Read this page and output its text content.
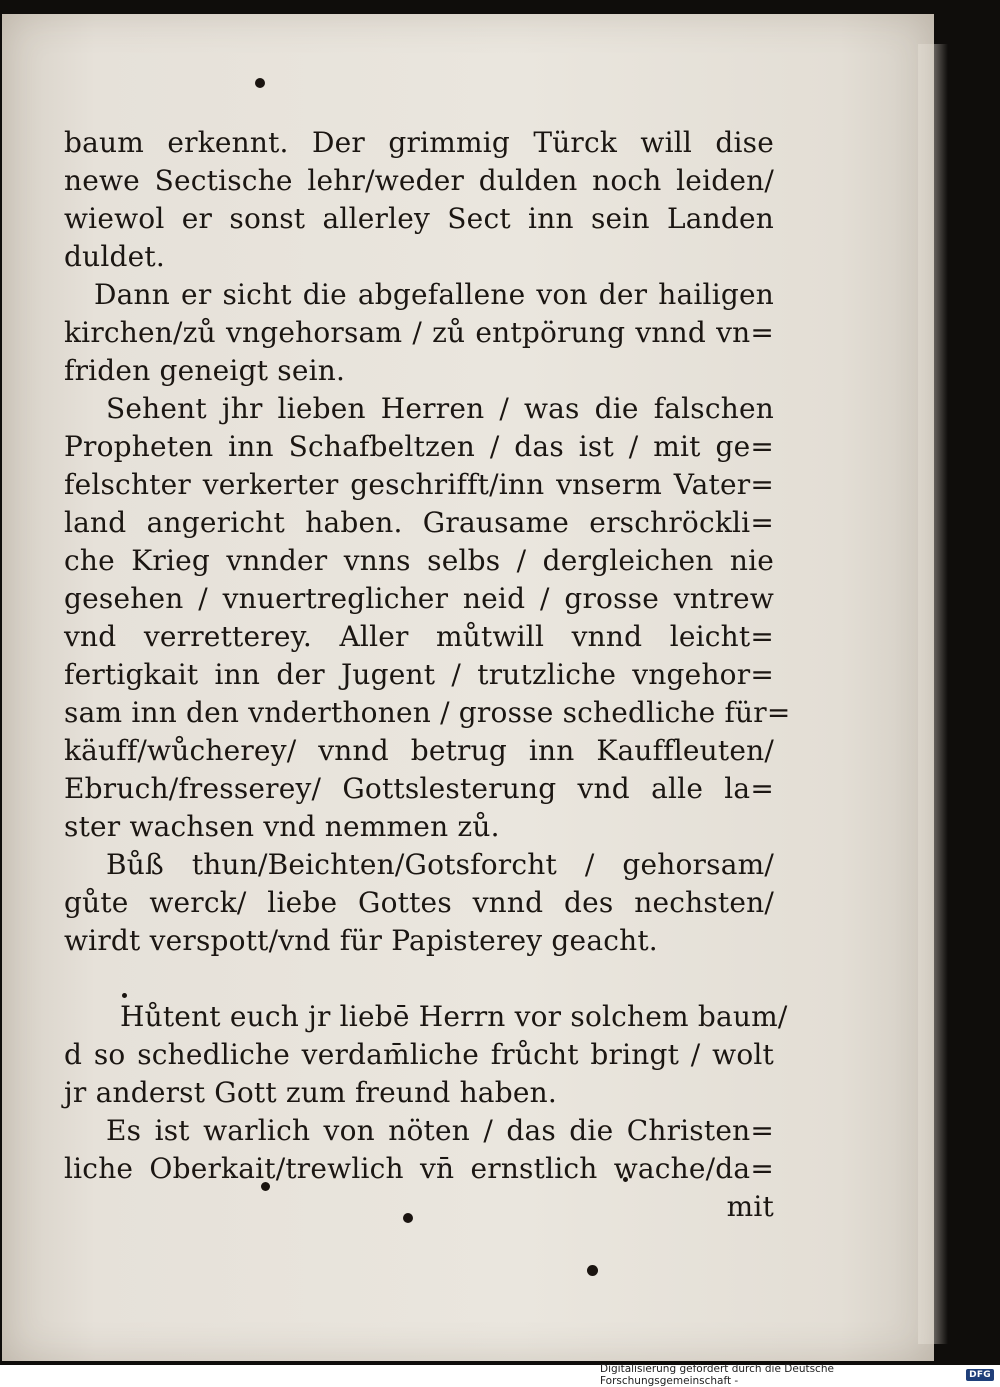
baum erkennt. Der grimmig Türck will dise
newe Sectische lehr/weder dulden noch leiden/
wiewol er sonst allerley Sect inn sein Landen
duldet.
Dann er sicht die abgefallene von der hailigen
kirchen/zů vngehorsam / zů entpörung vnnd vn=
friden geneigt sein.
Sehent jhr lieben Herren / was die falschen
Propheten inn Schafbeltzen / das ist / mit ge=
felschter verkerter geschrifft/inn vnserm Vater=
land angericht haben. Grausame erschröckli=
che Krieg vnnder vnns selbs / dergleichen nie
gesehen / vnuertreglicher neid / grosse vntrew
vnd verretterey. Aller můtwill vnnd leicht=
fertigkait inn der Jugent / trutzliche vngehor=
sam inn den vnderthonen / grosse schedliche für=
käuff/wůcherey/ vnnd betrug inn Kauffleuten/
Ebruch/fresserey/ Gottslesterung vnd alle la=
ster wachsen vnd nemmen zů.
Bůß thun/Beichten/Gotsforcht / gehorsam/
gůte werck/ liebe Gottes vnnd des nechsten/
wirdt verspott/vnd für Papisterey geacht.
Hůtent euch jr liebē Herrn vor solchem baum/
d so schedliche verdam̄liche frůcht bringt / wolt
jr anderst Gott zum freund haben.
Es ist warlich von nöten / das die Christen=
liche Oberkait/trewlich vn̄ ernstlich wache/da=
mit
Digitalisierung gefördert durch die Deutsche Forschungsgemeinschaft -	DFG
